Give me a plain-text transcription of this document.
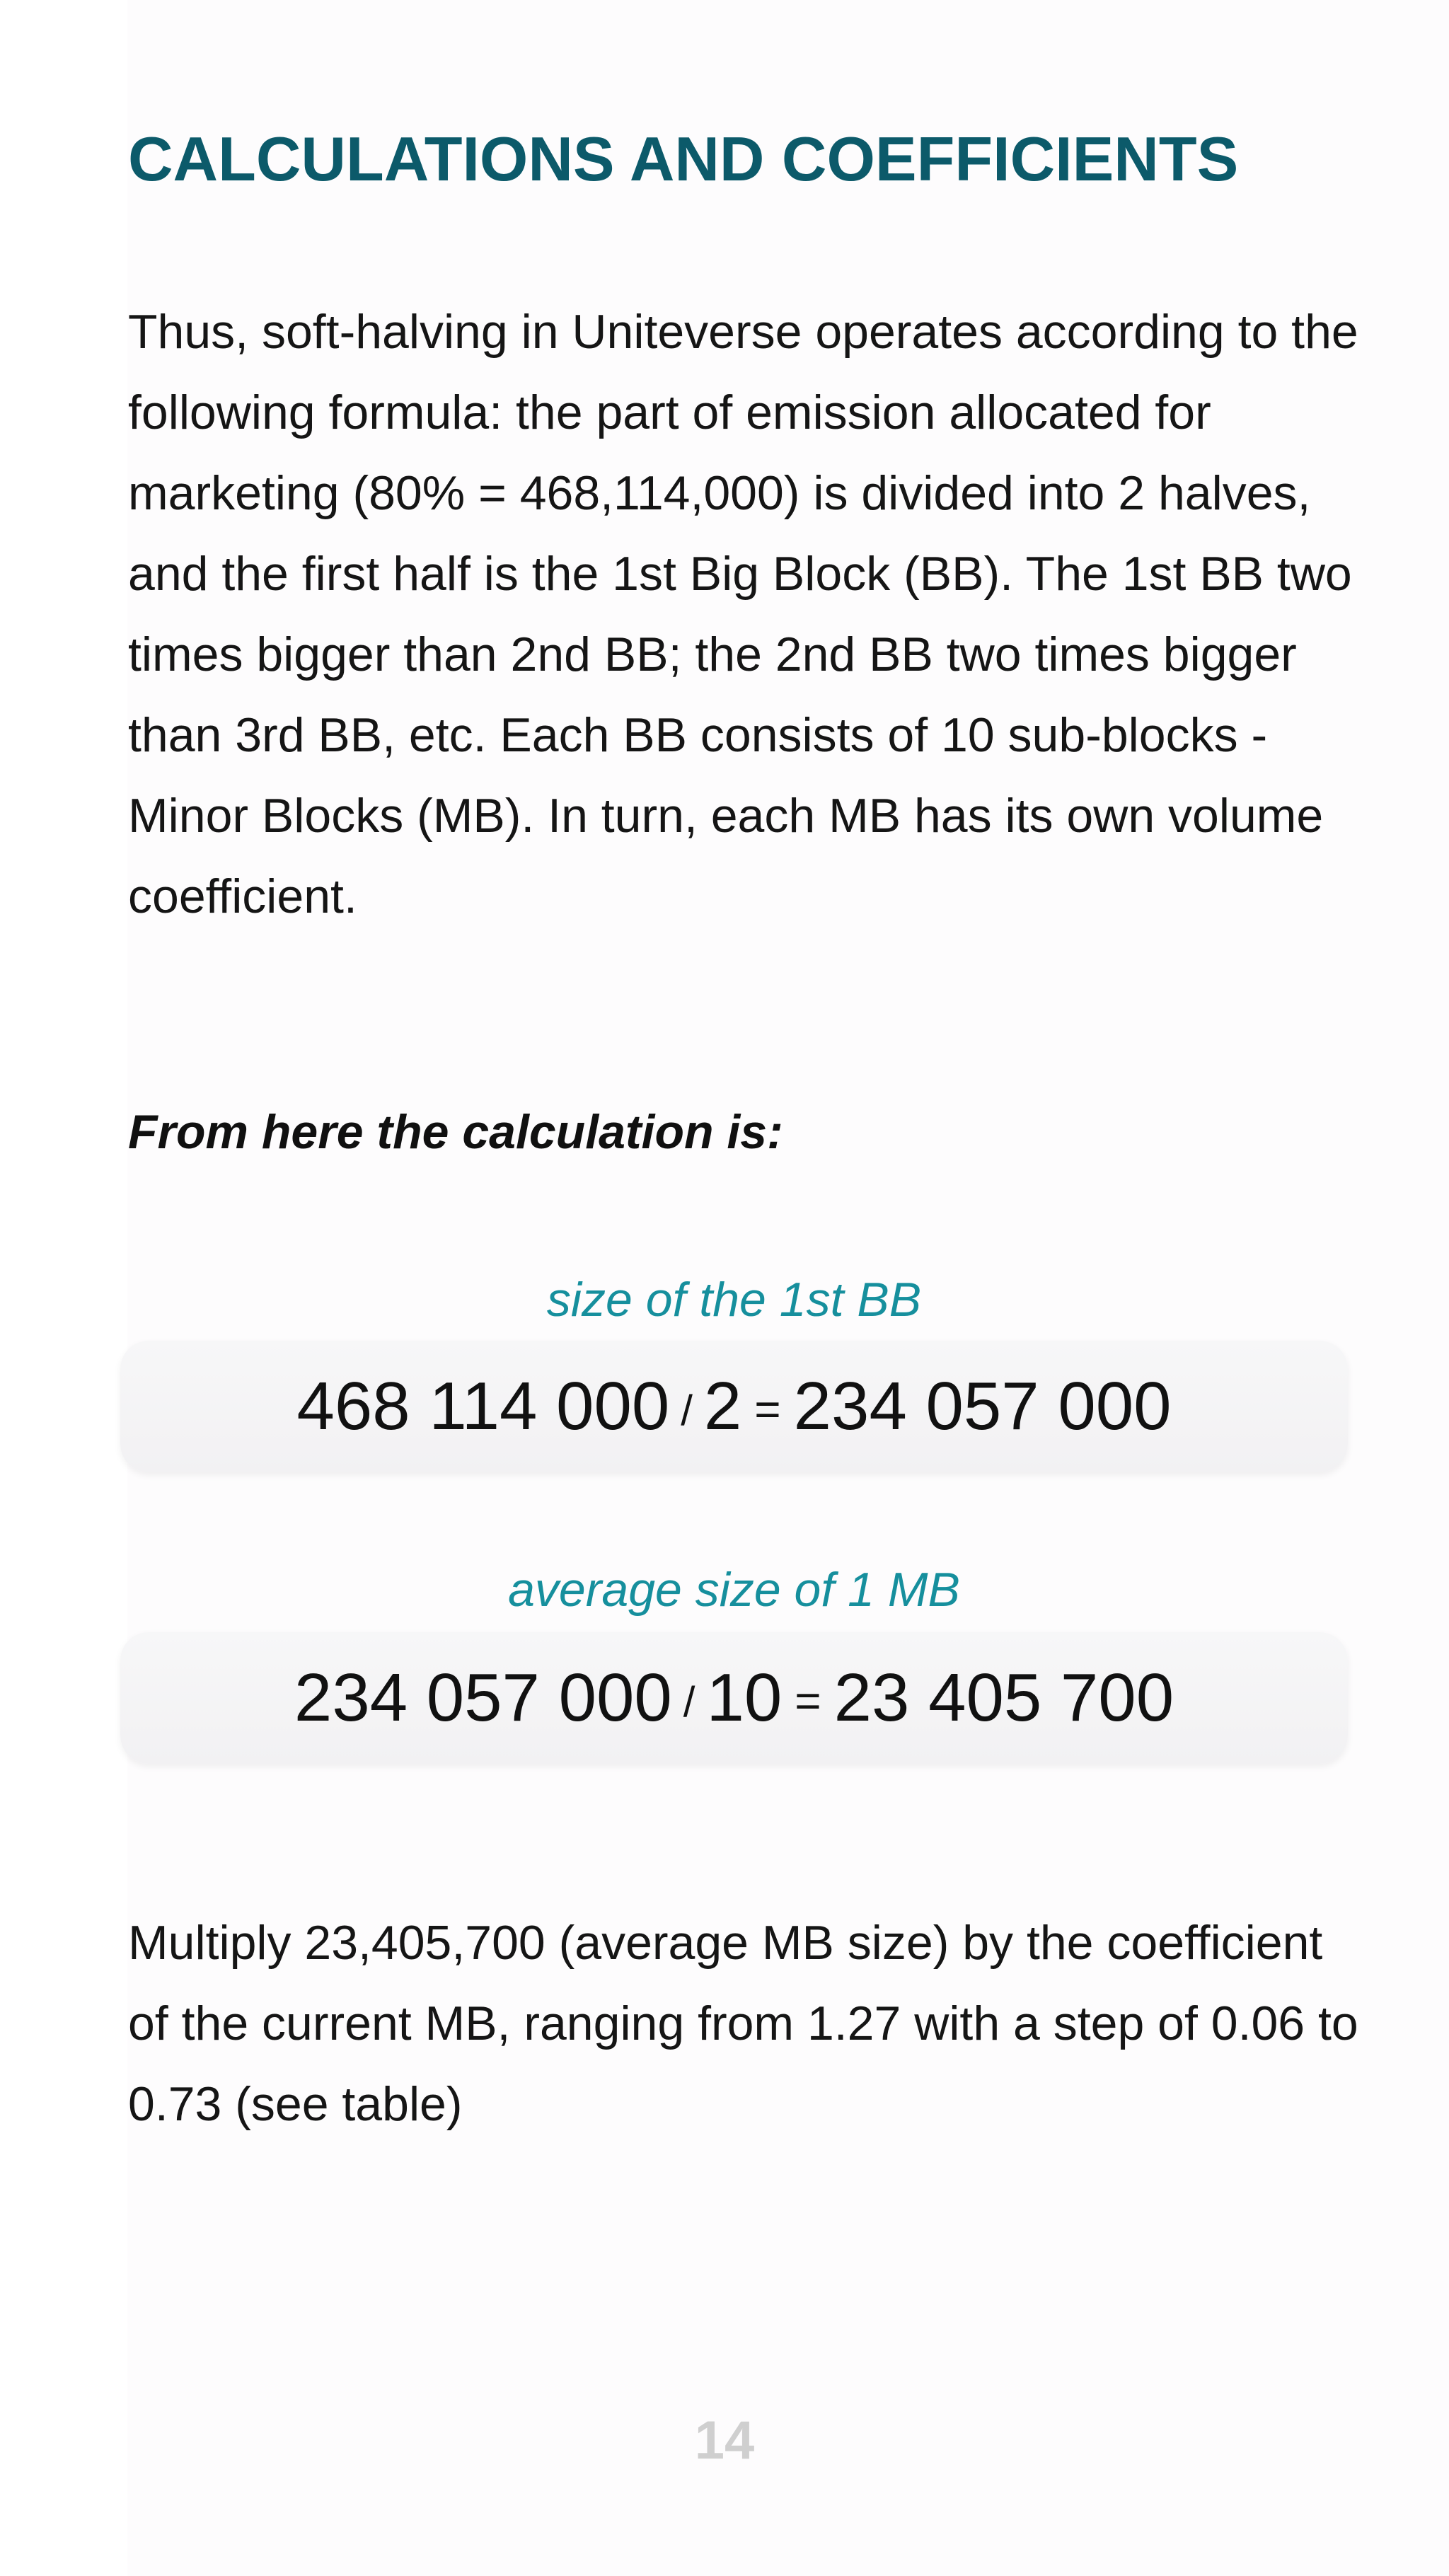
CALCULATIONS AND COEFFICIENTS

Thus, soft-halving in Uniteverse operates according to the following formula: the part of emission allocated for marketing (80% = 468,114,000) is divided into 2 halves, and the first half is the 1st Big Block (BB). The 1st BB two times bigger than 2nd BB; the 2nd BB two times bigger than 3rd BB, etc. Each BB consists of 10 sub-blocks - Minor Blocks (MB). In turn, each MB has its own volume coefficient.

From here the calculation is:

size of the 1st BB
468 114 000 / 2 = 234 057 000
average size of 1 MB
234 057 000 / 10 = 23 405 700

Multiply 23,405,700 (average MB size) by the coefficient of the current MB, ranging from 1.27 with a step of 0.06 to 0.73 (see table)

14
